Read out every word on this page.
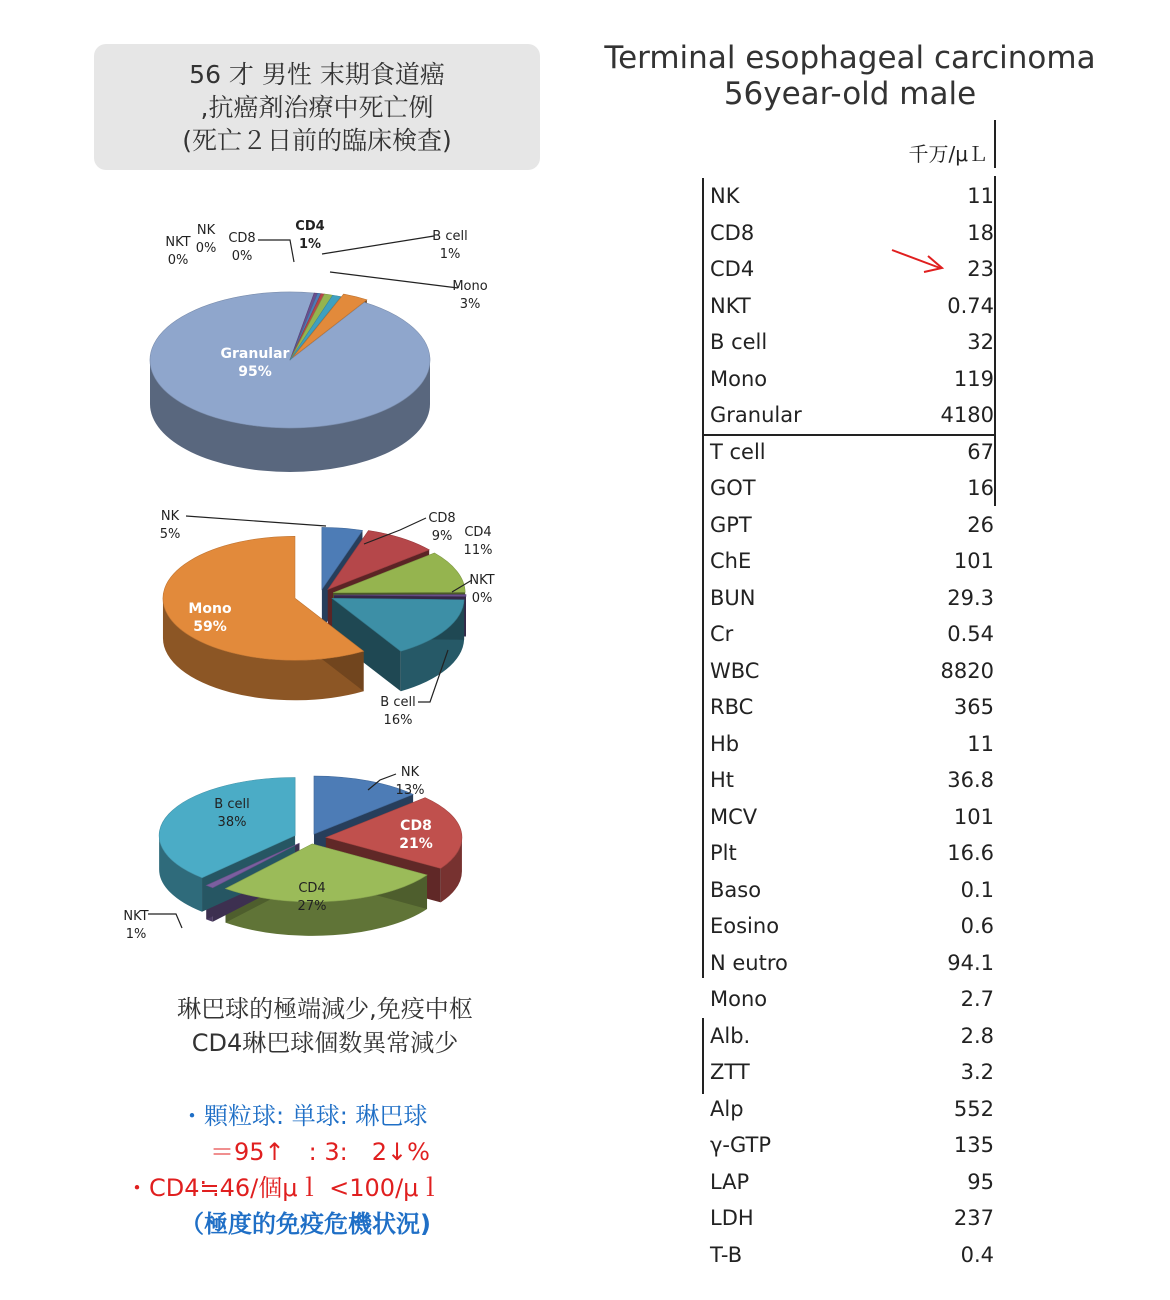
56 才 男性 末期食道癌
,抗癌剤治療中死亡例
(死亡２日前的臨床検査)
Terminal esophageal carcinoma
56year-old male
Granular
95%
NKT
0%
NK
0%
CD8
0%
CD4
1%
B cell
1%
Mono
3%
NK
5%
CD8
9% CD4
11%
NKT
0%
B cell
16%
Mono
59%
NK
13%
CD8
21%
CD4
27%
NKT
1%
B cell
38%
琳巴球的極端減少,免疫中枢
CD4琳巴球個数異常減少
・顆粒球: 単球: 琳巴球
＝95↑　: 3:　2↓%
・CD4≒46/個μｌ <100/μｌ
（極度的免疫危機状況)
千万/μＬ
NK	11
CD8	18
CD4	23
NKT	0.74
B cell	32
Mono	119
Granular	4180
T cell	67
GOT	16
GPT	26
ChE	101
BUN	29.3
Cr	0.54
WBC	8820
RBC	365
Hb	11
Ht	36.8
MCV	101
Plt	16.6
Baso	0.1
Eosino	0.6
N eutro	94.1
Mono	2.7
Alb.	2.8
ZTT	3.2
Alp	552
γ-GTP	135
LAP	95
LDH	237
T-B	0.4
